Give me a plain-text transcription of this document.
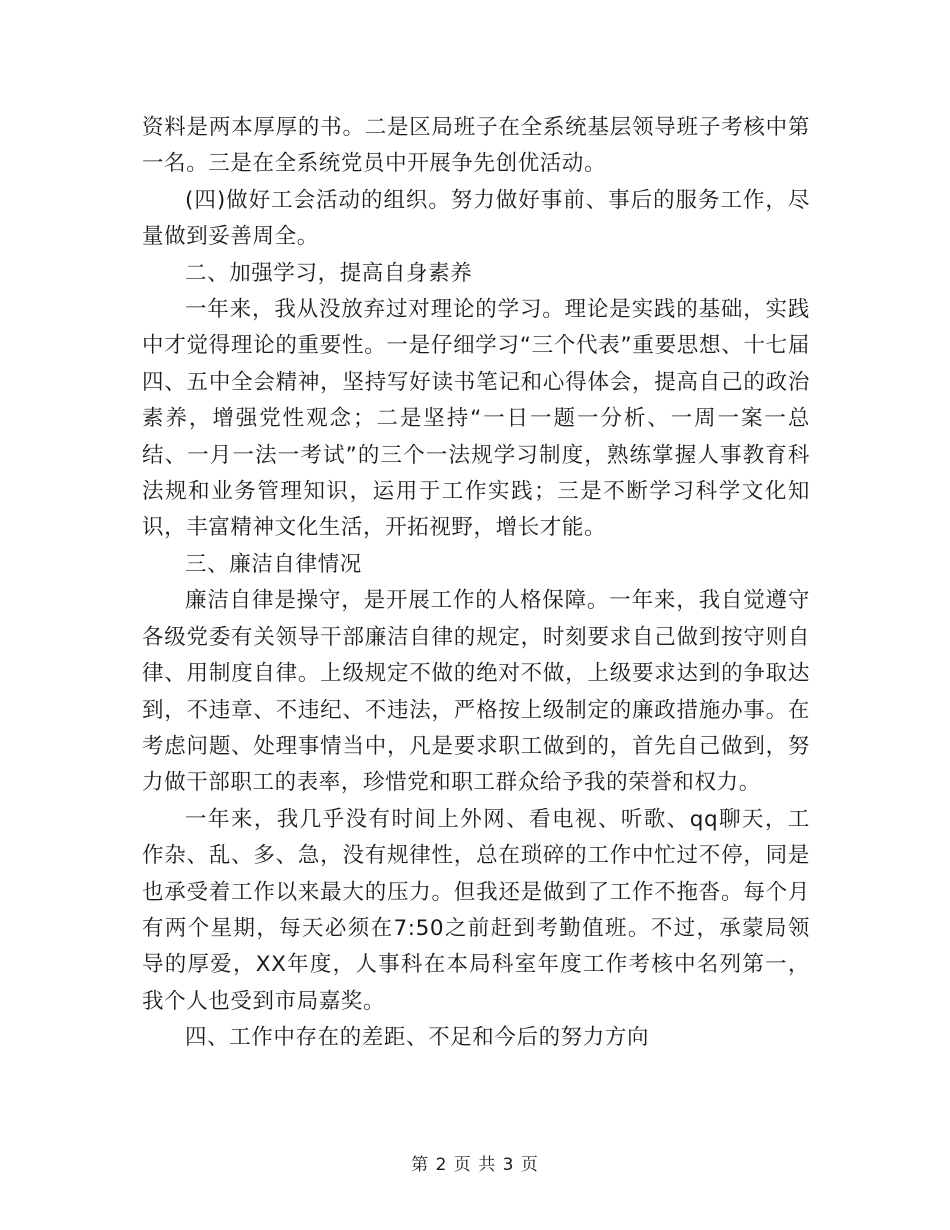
资料是两本厚厚的书。二是区局班子在全系统基层领导班子考核中第一名。三是在全系统党员中开展争先创优活动。

(四)做好工会活动的组织。努力做好事前、事后的服务工作，尽量做到妥善周全。

二、加强学习，提高自身素养

一年来，我从没放弃过对理论的学习。理论是实践的基础，实践中才觉得理论的重要性。一是仔细学习“三个代表”重要思想、十七届四、五中全会精神，坚持写好读书笔记和心得体会，提高自己的政治素养，增强党性观念；二是坚持“一日一题一分析、一周一案一总结、一月一法一考试”的三个一法规学习制度，熟练掌握人事教育科法规和业务管理知识，运用于工作实践；三是不断学习科学文化知识，丰富精神文化生活，开拓视野，增长才能。

三、廉洁自律情况

廉洁自律是操守，是开展工作的人格保障。一年来，我自觉遵守各级党委有关领导干部廉洁自律的规定，时刻要求自己做到按守则自律、用制度自律。上级规定不做的绝对不做，上级要求达到的争取达到，不违章、不违纪、不违法，严格按上级制定的廉政措施办事。在考虑问题、处理事情当中，凡是要求职工做到的，首先自己做到，努力做干部职工的表率，珍惜党和职工群众给予我的荣誉和权力。

一年来，我几乎没有时间上外网、看电视、听歌、qq聊天，工作杂、乱、多、急，没有规律性，总在琐碎的工作中忙过不停，同是也承受着工作以来最大的压力。但我还是做到了工作不拖沓。每个月有两个星期，每天必须在7:50之前赶到考勤值班。不过，承蒙局领导的厚爱，XX年度，人事科在本局科室年度工作考核中名列第一，我个人也受到市局嘉奖。

四、工作中存在的差距、不足和今后的努力方向

第 2 页 共 3 页
